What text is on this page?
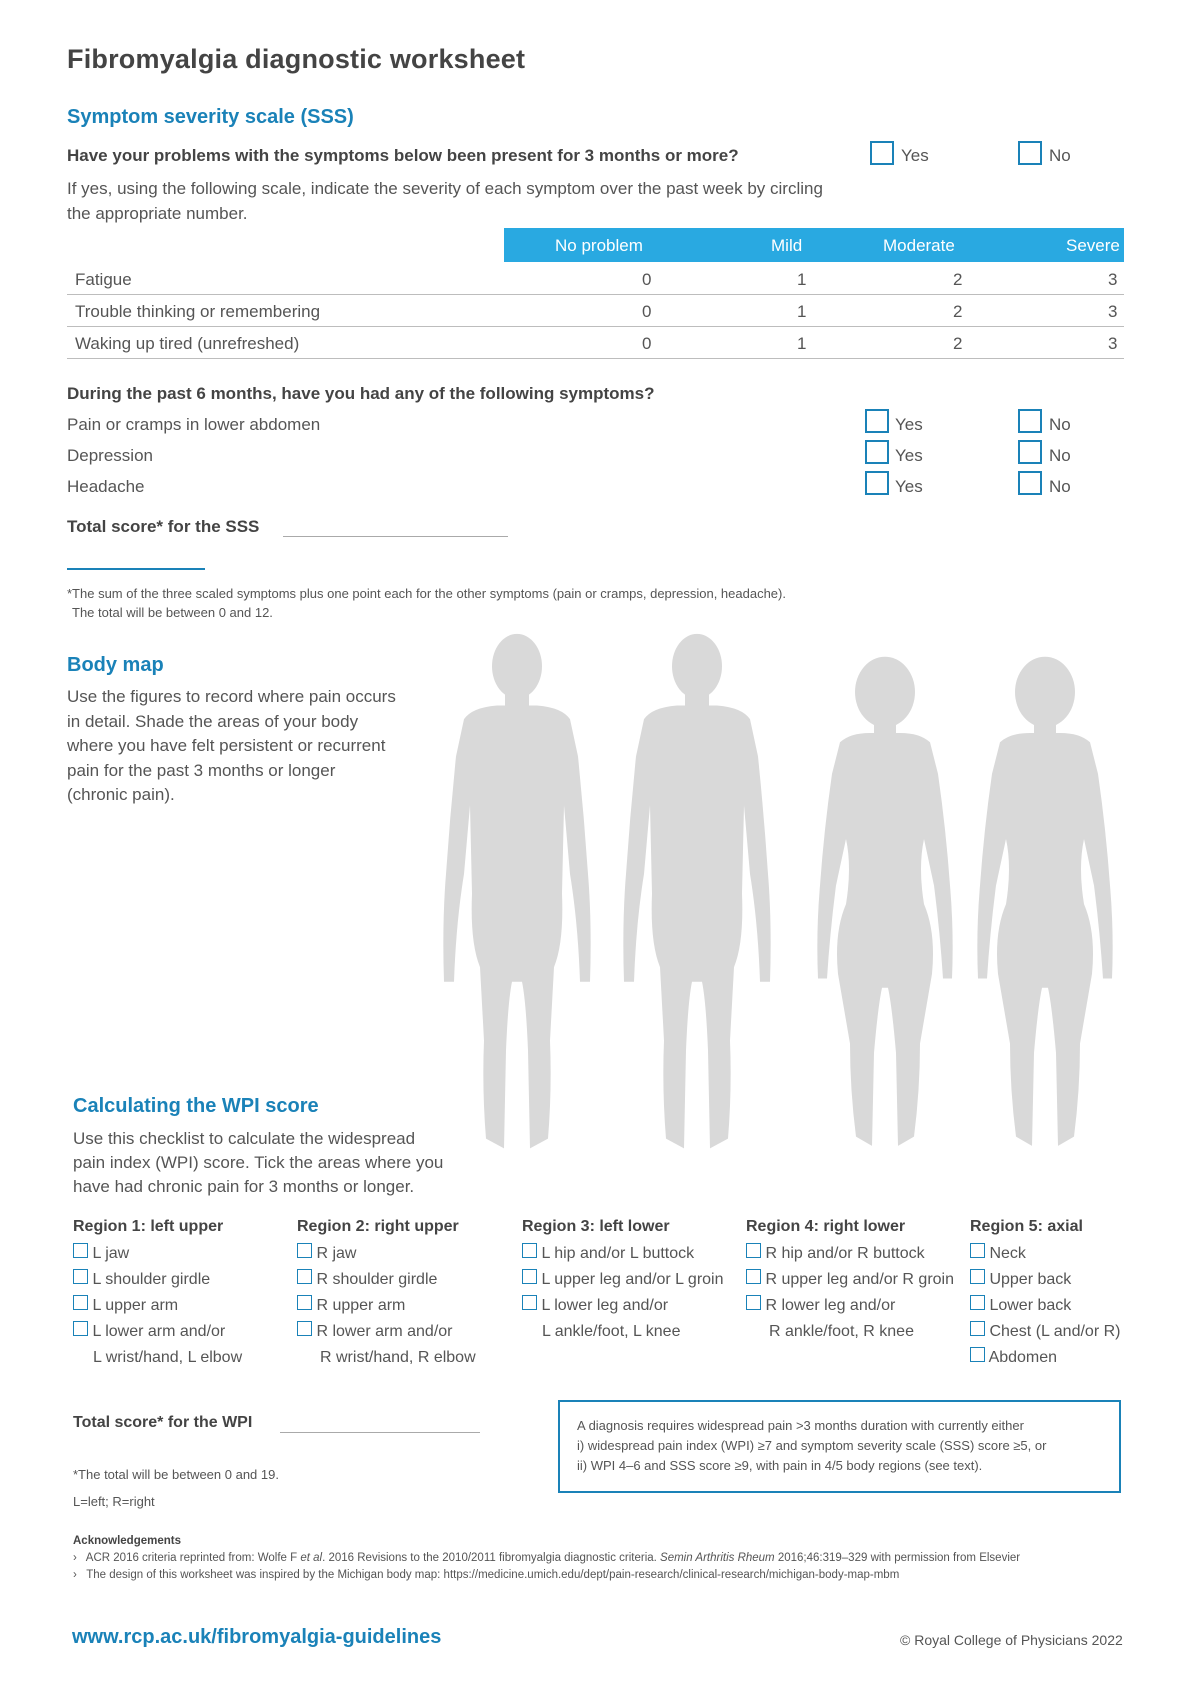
Fibromyalgia diagnostic worksheet
Symptom severity scale (SSS)
Have your problems with the symptoms below been present for 3 months or more?	Yes	No
If yes, using the following scale, indicate the severity of each symptom over the past week by circling
the appropriate number.
No problem	Mild	Moderate	Severe
Fatigue	0	1	2	3
Trouble thinking or remembering	0	1	2	3
Waking up tired (unrefreshed)	0	1	2	3
During the past 6 months, have you had any of the following symptoms?
Pain or cramps in lower abdomen	Yes	No
Depression	Yes	No
Headache	Yes	No
Total score* for the SSS
*The sum of the three scaled symptoms plus one point each for the other symptoms (pain or cramps, depression, headache).
The total will be between 0 and 12.
Body map
Use the figures to record where pain occurs
in detail. Shade the areas of your body
where you have felt persistent or recurrent
pain for the past 3 months or longer
(chronic pain).
Calculating the WPI score
Use this checklist to calculate the widespread
pain index (WPI) score. Tick the areas where you
have had chronic pain for 3 months or longer.
Region 1: left upper
L jaw
L shoulder girdle
L upper arm
L lower arm and/or
L wrist/hand, L elbow
Region 2: right upper
R jaw
R shoulder girdle
R upper arm
R lower arm and/or
R wrist/hand, R elbow
Region 3: left lower
L hip and/or L buttock
L upper leg and/or L groin
L lower leg and/or
L ankle/foot, L knee
Region 4: right lower
R hip and/or R buttock
R upper leg and/or R groin
R lower leg and/or
R ankle/foot, R knee
Region 5: axial
Neck
Upper back
Lower back
Chest (L and/or R)
Abdomen
Total score* for the WPI
*The total will be between 0 and 19.
L=left; R=right
A diagnosis requires widespread pain >3 months duration with currently either
i) widespread pain index (WPI) ≥7 and symptom severity scale (SSS) score ≥5, or
ii) WPI 4–6 and SSS score ≥9, with pain in 4/5 body regions (see text).
Acknowledgements
› ACR 2016 criteria reprinted from: Wolfe F et al. 2016 Revisions to the 2010/2011 fibromyalgia diagnostic criteria. Semin Arthritis Rheum 2016;46:319–329 with permission from Elsevier
› The design of this worksheet was inspired by the Michigan body map: https://medicine.umich.edu/dept/pain-research/clinical-research/michigan-body-map-mbm
www.rcp.ac.uk/fibromyalgia-guidelines	© Royal College of Physicians 2022
